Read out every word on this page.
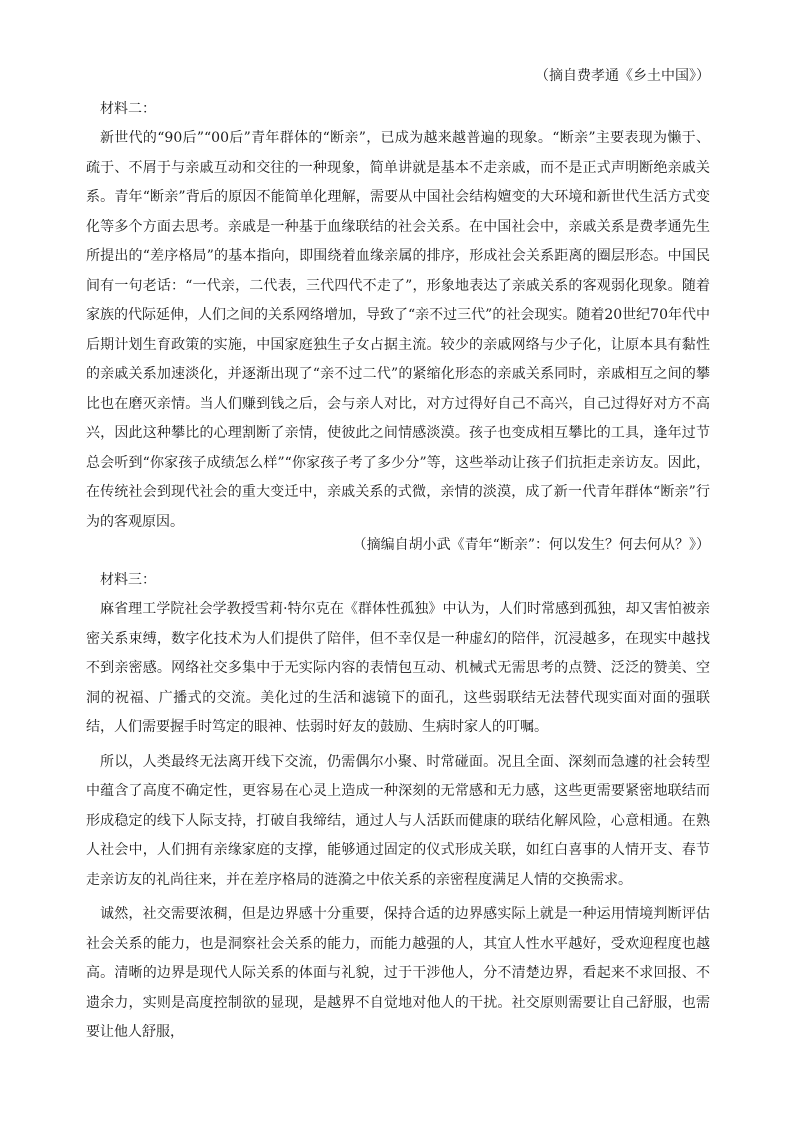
（摘自费孝通《乡土中国》）
材料二：

新世代的“90后”“00后”青年群体的“断亲”，已成为越来越普遍的现象。“断亲”主要表现为懒于、疏于、不屑于与亲戚互动和交往的一种现象，简单讲就是基本不走亲戚，而不是正式声明断绝亲戚关系。青年“断亲”背后的原因不能简单化理解，需要从中国社会结构嬗变的大环境和新世代生活方式变化等多个方面去思考。亲戚是一种基于血缘联结的社会关系。在中国社会中，亲戚关系是费孝通先生所提出的“差序格局”的基本指向，即围绕着血缘亲属的排序，形成社会关系距离的圈层形态。中国民间有一句老话：“一代亲，二代表，三代四代不走了”，形象地表达了亲戚关系的客观弱化现象。随着家族的代际延伸，人们之间的关系网络增加，导致了“亲不过三代”的社会现实。随着20世纪70年代中后期计划生育政策的实施，中国家庭独生子女占据主流。较少的亲戚网络与少子化，让原本具有黏性的亲戚关系加速淡化，并逐渐出现了“亲不过二代”的紧缩化形态的亲戚关系同时，亲戚相互之间的攀比也在磨灭亲情。当人们赚到钱之后，会与亲人对比，对方过得好自己不高兴，自己过得好对方不高兴，因此这种攀比的心理割断了亲情，使彼此之间情感淡漠。孩子也变成相互攀比的工具，逢年过节总会听到“你家孩子成绩怎么样”“你家孩子考了多少分”等，这些举动让孩子们抗拒走亲访友。因此，在传统社会到现代社会的重大变迁中，亲戚关系的式微，亲情的淡漠，成了新一代青年群体“断亲”行为的客观原因。

（摘编自胡小武《青年“断亲”：何以发生？何去何从？》）
材料三：

麻省理工学院社会学教授雪莉·特尔克在《群体性孤独》中认为，人们时常感到孤独，却又害怕被亲密关系束缚，数字化技术为人们提供了陪伴，但不幸仅是一种虚幻的陪伴，沉浸越多，在现实中越找不到亲密感。网络社交多集中于无实际内容的表情包互动、机械式无需思考的点赞、泛泛的赞美、空洞的祝福、广播式的交流。美化过的生活和滤镜下的面孔，这些弱联结无法替代现实面对面的强联结，人们需要握手时笃定的眼神、怯弱时好友的鼓励、生病时家人的叮嘱。

所以，人类最终无法离开线下交流，仍需偶尔小聚、时常碰面。况且全面、深刻而急遽的社会转型中蕴含了高度不确定性，更容易在心灵上造成一种深刻的无常感和无力感，这些更需要紧密地联结而形成稳定的线下人际支持，打破自我缔结，通过人与人活跃而健康的联结化解风险，心意相通。在熟人社会中，人们拥有亲缘家庭的支撑，能够通过固定的仪式形成关联，如红白喜事的人情开支、春节走亲访友的礼尚往来，并在差序格局的涟漪之中依关系的亲密程度满足人情的交换需求。

诚然，社交需要浓稠，但是边界感十分重要，保持合适的边界感实际上就是一种运用情境判断评估社会关系的能力，也是洞察社会关系的能力，而能力越强的人，其宜人性水平越好，受欢迎程度也越高。清晰的边界是现代人际关系的体面与礼貌，过于干涉他人，分不清楚边界，看起来不求回报、不遗余力，实则是高度控制欲的显现，是越界不自觉地对他人的干扰。社交原则需要让自己舒服，也需要让他人舒服，
